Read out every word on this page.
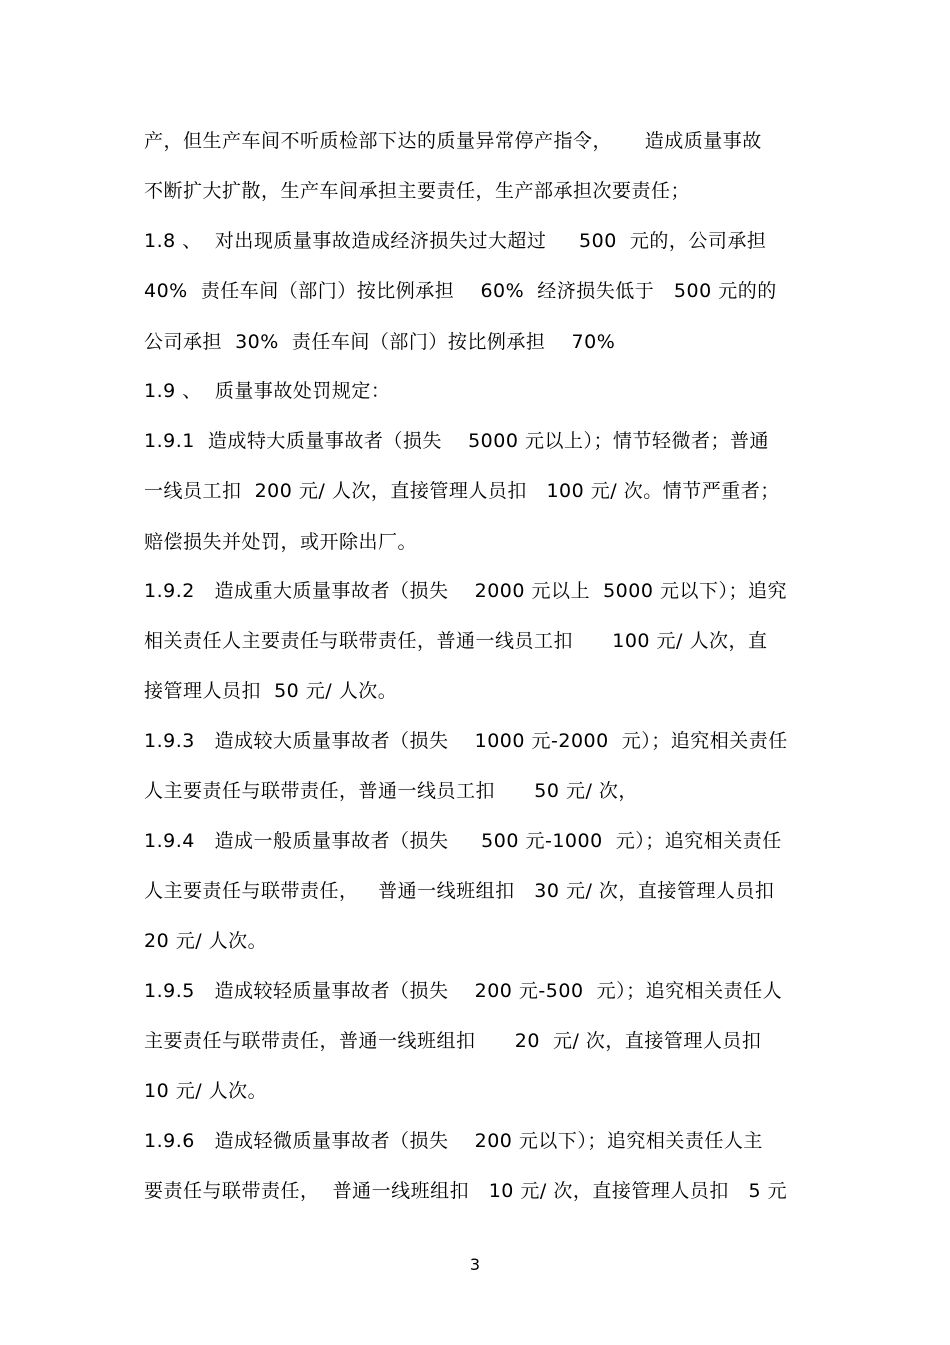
产，但生产车间不听质检部下达的质量异常停产指令，     造成质量事故
不断扩大扩散，生产车间承担主要责任，生产部承担次要责任；
1.8 、  对出现质量事故造成经济损失过大超过     500  元的，公司承担
40%  责任车间（部门）按比例承担    60%  经济损失低于   500 元的的
公司承担  30%  责任车间（部门）按比例承担    70%
1.9 、  质量事故处罚规定：
1.9.1  造成特大质量事故者（损失    5000 元以上）；情节轻微者；普通
一线员工扣  200 元/ 人次，直接管理人员扣   100 元/ 次。情节严重者；
赔偿损失并处罚，或开除出厂。
1.9.2   造成重大质量事故者（损失    2000 元以上  5000 元以下）；追究
相关责任人主要责任与联带责任，普通一线员工扣      100 元/ 人次，直
接管理人员扣  50 元/ 人次。
1.9.3   造成较大质量事故者（损失    1000 元-2000  元）；追究相关责任
人主要责任与联带责任，普通一线员工扣      50 元/ 次，
1.9.4   造成一般质量事故者（损失     500 元-1000  元）；追究相关责任
人主要责任与联带责任，   普通一线班组扣   30 元/ 次，直接管理人员扣
20 元/ 人次。
1.9.5   造成较轻质量事故者（损失    200 元-500  元）；追究相关责任人
主要责任与联带责任，普通一线班组扣      20  元/ 次，直接管理人员扣
10 元/ 人次。
1.9.6   造成轻微质量事故者（损失    200 元以下）；追究相关责任人主
要责任与联带责任，  普通一线班组扣   10 元/ 次，直接管理人员扣   5 元
3
